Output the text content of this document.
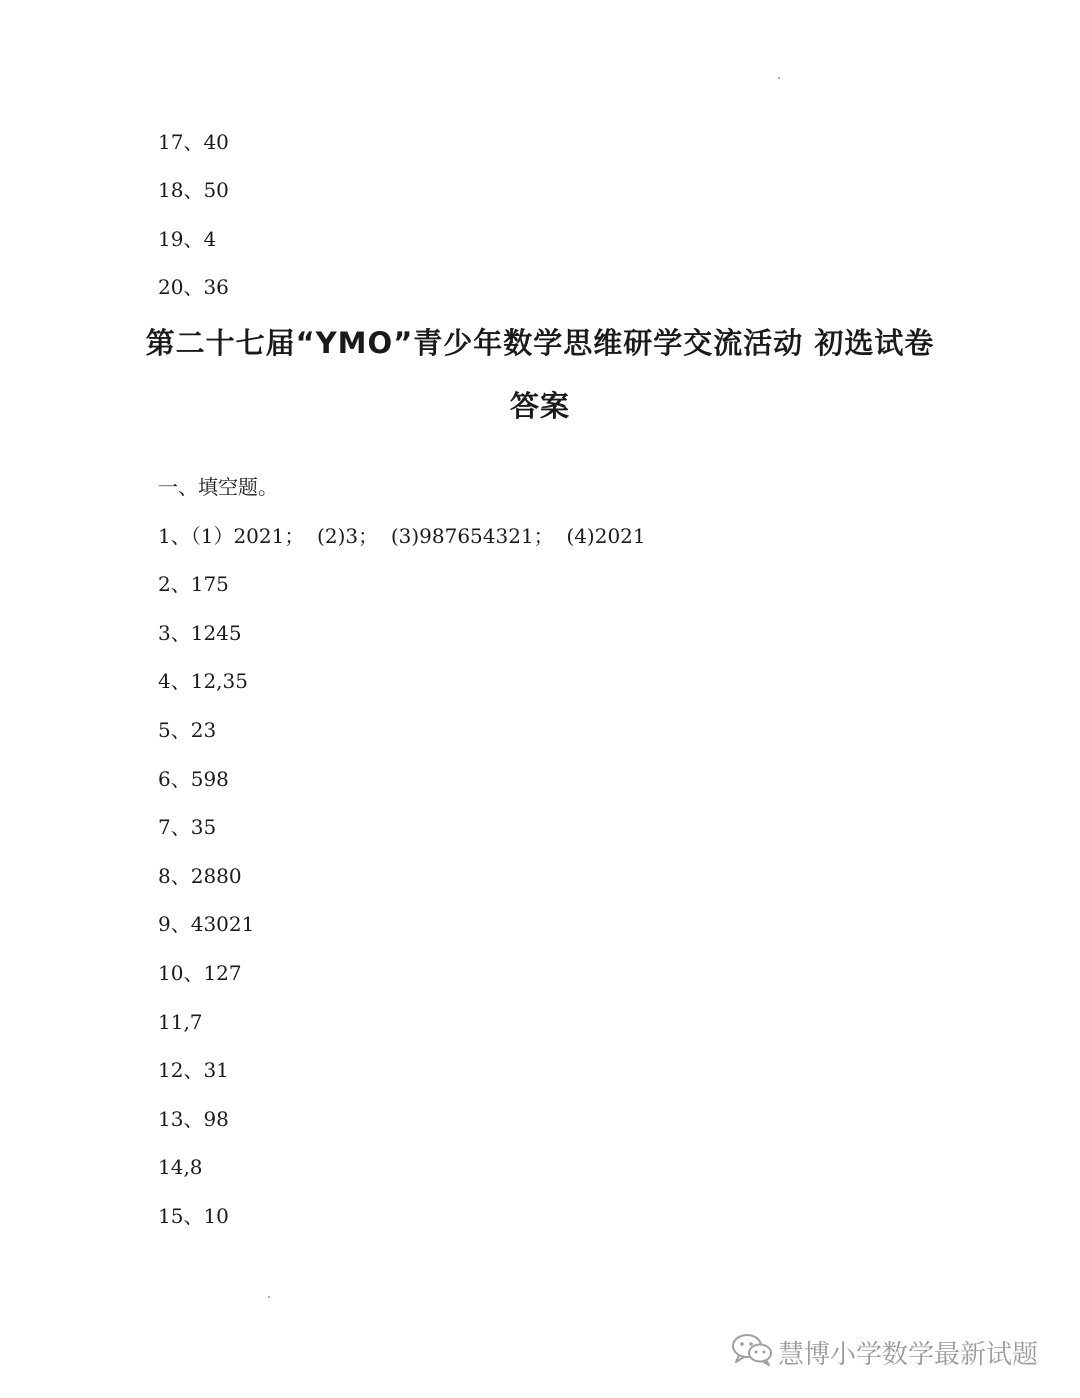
17、40
18、50
19、4
20、36
第二十七届“YMO”青少年数学思维研学交流活动 初选试卷
答案
一、填空题。
1、（1）2021；  (2)3；  (3)987654321；  (4)2021
2、175
3、1245
4、12,35
5、23
6、598
7、35
8、2880
9、43021
10、127
11,7
12、31
13、98
14,8
15、10
慧博小学数学最新试题
